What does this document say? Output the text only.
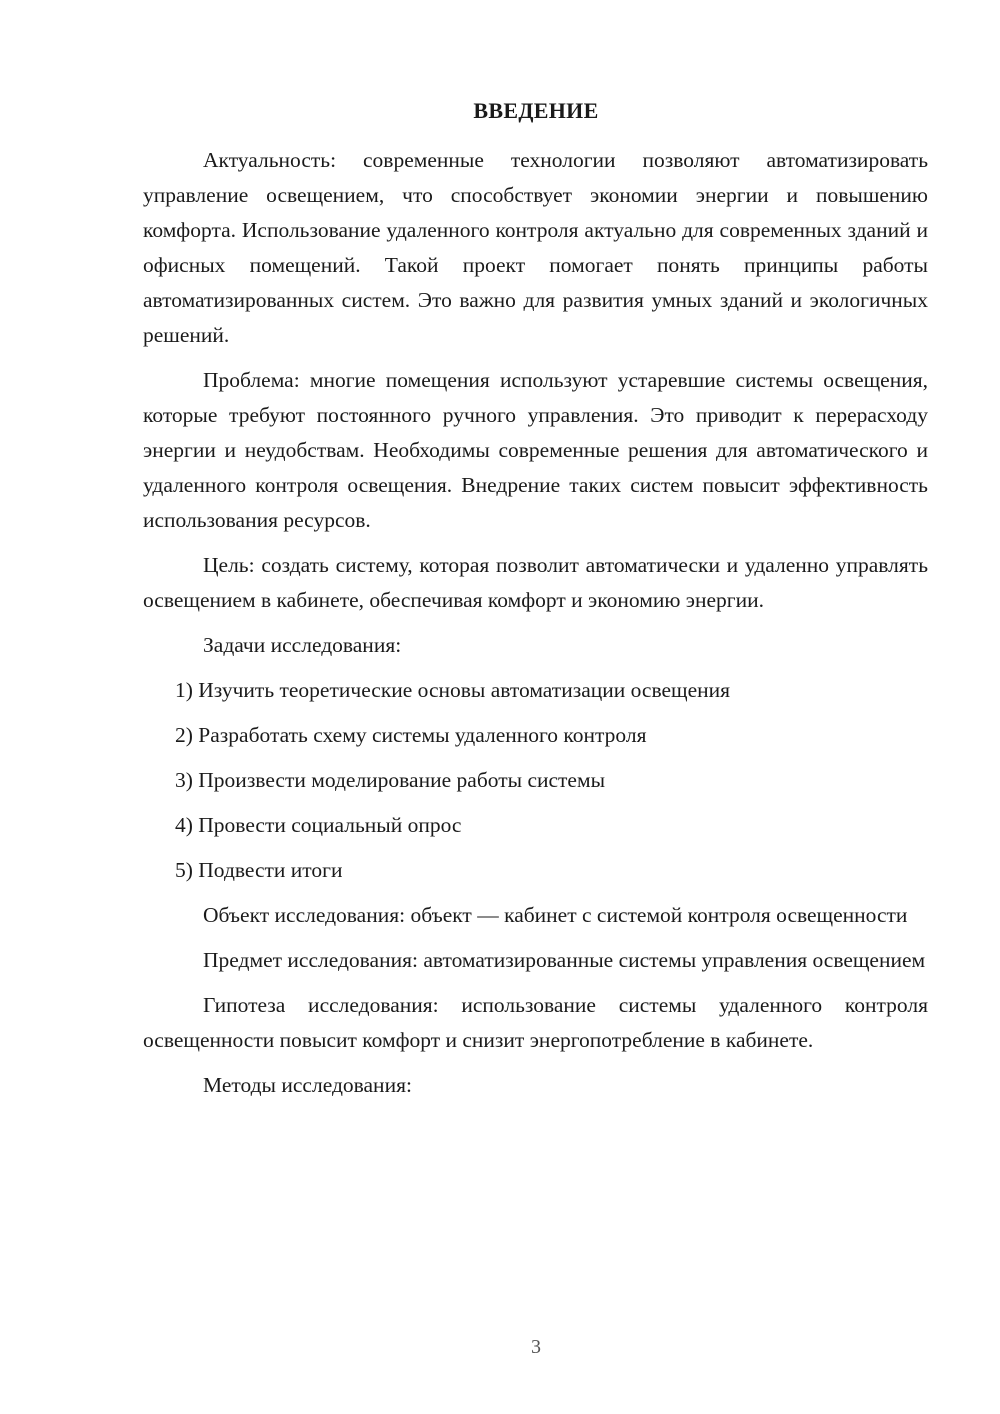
ВВЕДЕНИЕ

Актуальность: современные технологии позволяют автоматизировать управление освещением, что способствует экономии энергии и повышению комфорта. Использование удаленного контроля актуально для современных зданий и офисных помещений. Такой проект помогает понять принципы работы автоматизированных систем. Это важно для развития умных зданий и экологичных решений.

Проблема: многие помещения используют устаревшие системы освещения, которые требуют постоянного ручного управления. Это приводит к перерасходу энергии и неудобствам. Необходимы современные решения для автоматического и удаленного контроля освещения. Внедрение таких систем повысит эффективность использования ресурсов.

Цель: создать систему, которая позволит автоматически и удаленно управлять освещением в кабинете, обеспечивая комфорт и экономию энергии.

Задачи исследования:

1) Изучить теоретические основы автоматизации освещения

2) Разработать схему системы удаленного контроля

3) Произвести моделирование работы системы

4) Провести социальный опрос

5) Подвести итоги

Объект исследования: объект — кабинет с системой контроля освещенности

Предмет исследования: автоматизированные системы управления освещением

Гипотеза исследования: использование системы удаленного контроля освещенности повысит комфорт и снизит энергопотребление в кабинете.

Методы исследования:

3
